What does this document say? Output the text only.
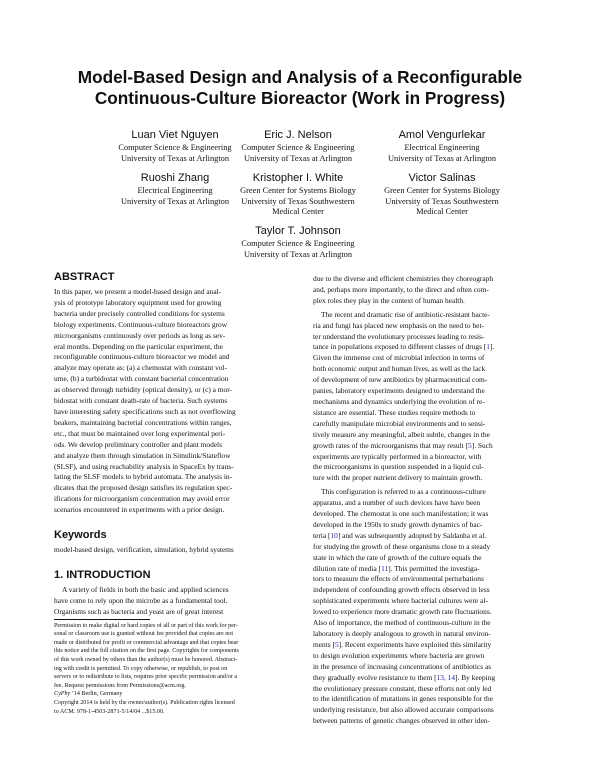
Model-Based Design and Analysis of a Reconfigurable
Continuous-Culture Bioreactor (Work in Progress)
Luan Viet Nguyen
Computer Science & Engineering
University of Texas at Arlington
Eric J. Nelson
Computer Science & Engineering
University of Texas at Arlington
Amol Vengurlekar
Electrical Engineering
University of Texas at Arlington
Ruoshi Zhang
Electrical Engineering
University of Texas at Arlington
Kristopher I. White
Green Center for Systems Biology
University of Texas Southwestern
Medical Center
Victor Salinas
Green Center for Systems Biology
University of Texas Southwestern
Medical Center
Taylor T. Johnson
Computer Science & Engineering
University of Texas at Arlington
ABSTRACT
In this paper, we present a model-based design and anal-
ysis of prototype laboratory equipment used for growing
bacteria under precisely controlled conditions for systems
biology experiments. Continuous-culture bioreactors grow
microorganisms continuously over periods as long as sev-
eral months. Depending on the particular experiment, the
reconfigurable continuous-culture bioreactor we model and
analyze may operate as: (a) a chemostat with constant vol-
ume, (b) a turbidostat with constant bacterial concentration
as observed through turbidity (optical density), or (c) a mor-
bidostat with constant death-rate of bacteria. Such systems
have interesting safety specifications such as not overflowing
beakers, maintaining bacterial concentrations within ranges,
etc., that must be maintained over long experimental peri-
ods. We develop preliminary controller and plant models
and analyze them through simulation in Simulink/Stateflow
(SLSF), and using reachability analysis in SpaceEx by trans-
lating the SLSF models to hybrid automata. The analysis in-
dicates that the proposed design satisfies its regulation spec-
ifications for microorganism concentration may avoid error
scenarios encountered in experiments with a prior design.
Keywords
model-based design, verification, simulation, hybrid systems
1. INTRODUCTION
A variety of fields in both the basic and applied sciences
have come to rely upon the microbe as a fundamental tool.
Organisms such as bacteria and yeast are of great interest
Permission to make digital or hard copies of all or part of this work for per-
sonal or classroom use is granted without fee provided that copies are not
made or distributed for profit or commercial advantage and that copies bear
this notice and the full citation on the first page. Copyrights for components
of this work owned by others than the author(s) must be honored. Abstract-
ing with credit is permitted. To copy otherwise, or republish, to post on
servers or to redistribute to lists, requires prior specific permission and/or a
fee. Request permissions from Permissions@acm.org.
CyPhy ’14 Berlin, Germany
Copyright 2014 is held by the owner/author(s). Publication rights licensed
to ACM. 978-1-4503-2871-5/14/04 ...$15.00.
due to the diverse and efficient chemistries they choreograph
and, perhaps more importantly, to the direct and often com-
plex roles they play in the context of human health.
The recent and dramatic rise of antibiotic-resistant bacte-
ria and fungi has placed new emphasis on the need to bet-
ter understand the evolutionary processes leading to resis-
tance in populations exposed to different classes of drugs [1].
Given the immense cost of microbial infection in terms of
both economic output and human lives, as well as the lack
of development of new antibiotics by pharmaceutical com-
panies, laboratory experiments designed to understand the
mechanisms and dynamics underlying the evolution of re-
sistance are essential. These studies require methods to
carefully manipulate microbial environments and to sensi-
tively measure any meaningful, albeit subtle, changes in the
growth rates of the microorganisms that may result [5]. Such
experiments are typically performed in a bioreactor, with
the microorganisms in question suspended in a liquid cul-
ture with the proper nutrient delivery to maintain growth.
This configuration is referred to as a continuous-culture
apparatus, and a number of such devices have have been
developed. The chemostat is one such manifestation; it was
developed in the 1950s to study growth dynamics of bac-
teria [10] and was subsequently adopted by Saldanha et al.
for studying the growth of these organisms close to a steady
state in which the rate of growth of the culture equals the
dilution rate of media [11]. This permitted the investiga-
tors to measure the effects of environmental perturbations
independent of confounding growth effects observed in less
sophisticated experiments where bacterial cultures were al-
lowed to experience more dramatic growth rate fluctuations.
Also of importance, the method of continuous-culture in the
laboratory is deeply analogous to growth in natural environ-
ments [5]. Recent experiments have exploited this similarity
to design evolution experiments where bacteria are grown
in the presence of increasing concentrations of antibiotics as
they gradually evolve resistance to them [13, 14]. By keeping
the evolutionary pressure constant, these efforts not only led
to the identification of mutations in genes responsible for the
underlying resistance, but also allowed accurate comparisons
between patterns of genetic changes observed in other iden-
